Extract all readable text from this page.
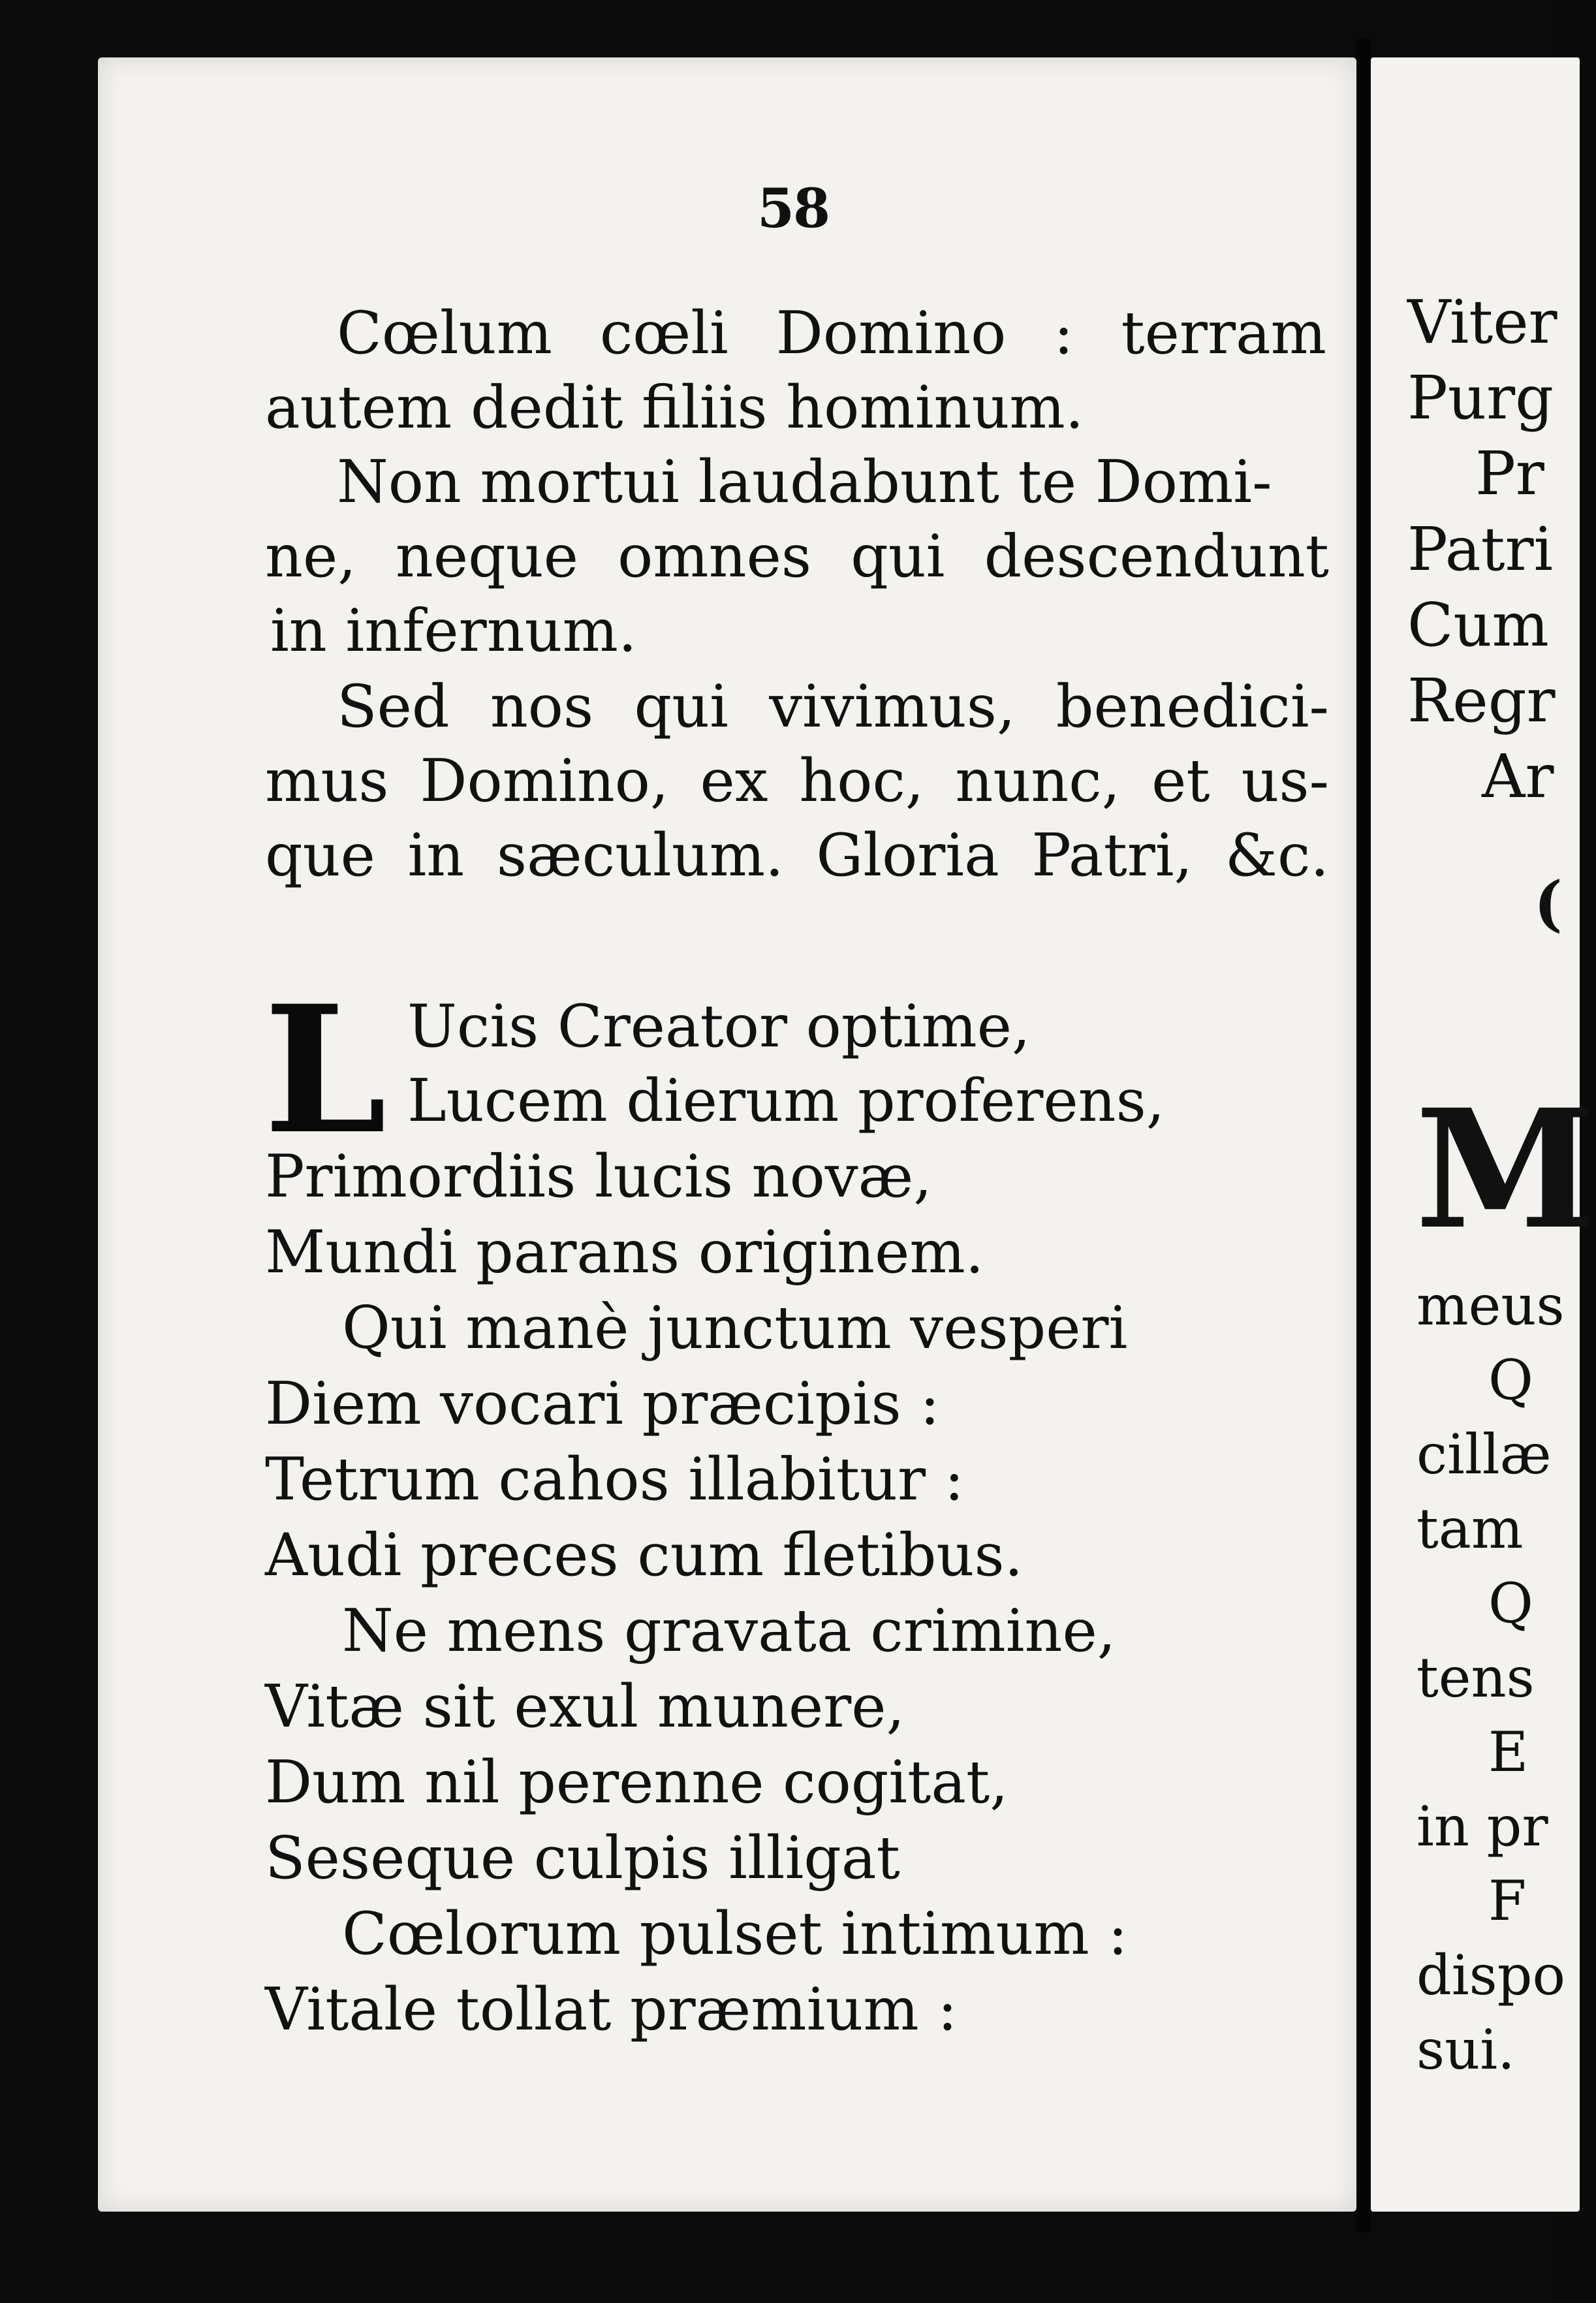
Viter
Purg
Pr
Patri
Cum
Regr
Ar
(
M
meus
Q
cillæ
tam
Q
tens
E
in pr
F
dispo
sui.
58
Cœlum cœli Domino : terram
autem dedit filiis hominum.
Non mortui laudabunt te Domi-
ne, neque omnes qui descendunt
in infernum.
Sed nos qui vivimus, benedici-
mus Domino, ex hoc, nunc, et us-
que in sæculum. Gloria Patri, &c.
L Ucis Creator optime,
Lucem dierum proferens,
Primordiis lucis novæ,
Mundi parans originem.
Qui manè junctum vesperi
Diem vocari præcipis :
Tetrum cahos illabitur :
Audi preces cum fletibus.
Ne mens gravata crimine,
Vitæ sit exul munere,
Dum nil perenne cogitat,
Seseque culpis illigat
Cœlorum pulset intimum :
Vitale tollat præmium :
